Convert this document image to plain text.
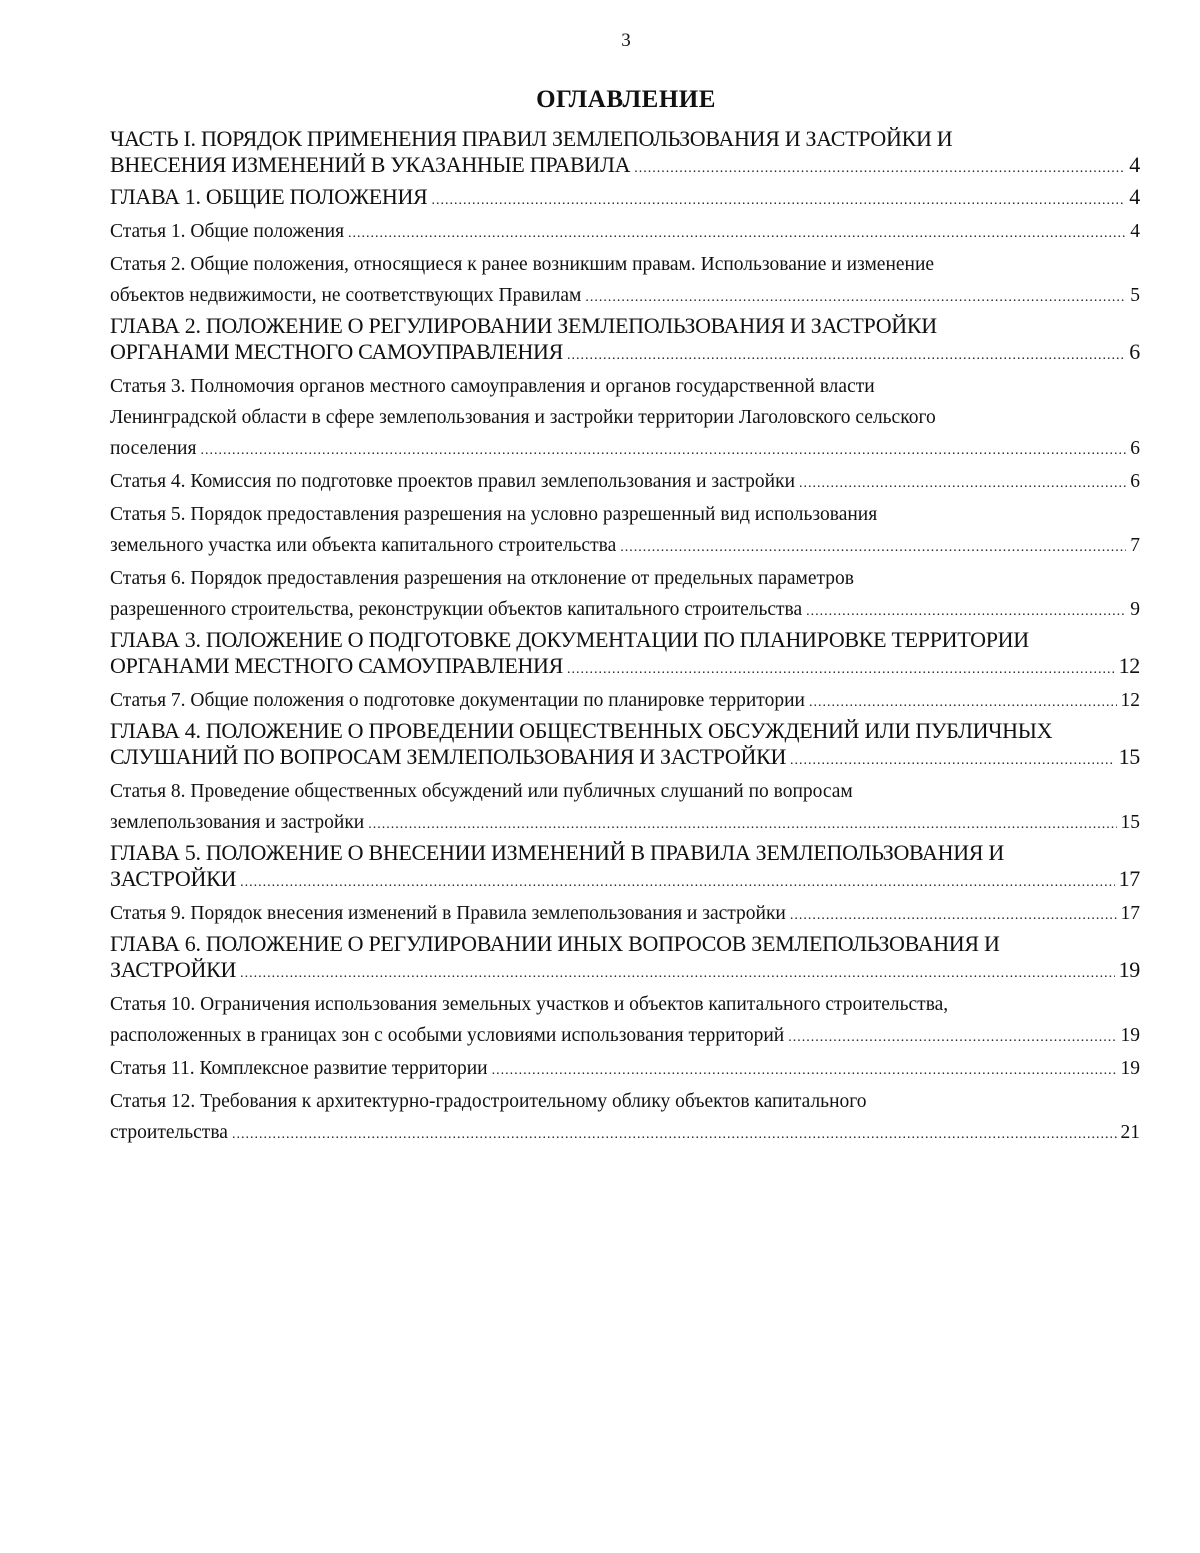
3
ОГЛАВЛЕНИЕ
ЧАСТЬ I. ПОРЯДОК ПРИМЕНЕНИЯ ПРАВИЛ ЗЕМЛЕПОЛЬЗОВАНИЯ И ЗАСТРОЙКИ И
ВНЕСЕНИЯ ИЗМЕНЕНИЙ В УКАЗАННЫЕ ПРАВИЛА .....	4
ГЛАВА 1. ОБЩИЕ ПОЛОЖЕНИЯ .....	4
Статья 1. Общие положения .....	4
Статья 2. Общие положения, относящиеся к ранее возникшим правам. Использование и изменение
объектов недвижимости, не соответствующих Правилам .....	5
ГЛАВА 2. ПОЛОЖЕНИЕ О РЕГУЛИРОВАНИИ ЗЕМЛЕПОЛЬЗОВАНИЯ И ЗАСТРОЙКИ
ОРГАНАМИ МЕСТНОГО САМОУПРАВЛЕНИЯ .....	6
Статья 3. Полномочия органов местного самоуправления и органов государственной власти
Ленинградской области в сфере землепользования и застройки территории Лаголовского сельского
поселения .....	6
Статья 4. Комиссия по подготовке проектов правил землепользования и застройки .....	6
Статья 5. Порядок предоставления разрешения на условно разрешенный вид использования
земельного участка или объекта капитального строительства .....	7
Статья 6. Порядок предоставления разрешения на отклонение от предельных параметров
разрешенного строительства, реконструкции объектов капитального строительства .....	9
ГЛАВА 3. ПОЛОЖЕНИЕ О ПОДГОТОВКЕ ДОКУМЕНТАЦИИ ПО ПЛАНИРОВКЕ ТЕРРИТОРИИ
ОРГАНАМИ МЕСТНОГО САМОУПРАВЛЕНИЯ .....	12
Статья 7. Общие положения о подготовке документации по планировке территории .....	12
ГЛАВА 4. ПОЛОЖЕНИЕ О ПРОВЕДЕНИИ ОБЩЕСТВЕННЫХ ОБСУЖДЕНИЙ ИЛИ ПУБЛИЧНЫХ
СЛУШАНИЙ ПО ВОПРОСАМ ЗЕМЛЕПОЛЬЗОВАНИЯ И ЗАСТРОЙКИ .....	15
Статья 8. Проведение общественных обсуждений или публичных слушаний по вопросам
землепользования и застройки .....	15
ГЛАВА 5. ПОЛОЖЕНИЕ О ВНЕСЕНИИ ИЗМЕНЕНИЙ В ПРАВИЛА ЗЕМЛЕПОЛЬЗОВАНИЯ И
ЗАСТРОЙКИ .....	17
Статья 9. Порядок внесения изменений в Правила землепользования и застройки .....	17
ГЛАВА 6. ПОЛОЖЕНИЕ О РЕГУЛИРОВАНИИ ИНЫХ ВОПРОСОВ ЗЕМЛЕПОЛЬЗОВАНИЯ И
ЗАСТРОЙКИ .....	19
Статья 10. Ограничения использования земельных участков и объектов капитального строительства,
расположенных в границах зон с особыми условиями использования территорий .....	19
Статья 11. Комплексное развитие территории .....	19
Статья 12. Требования к архитектурно-градостроительному облику объектов капитального
строительства .....	21
